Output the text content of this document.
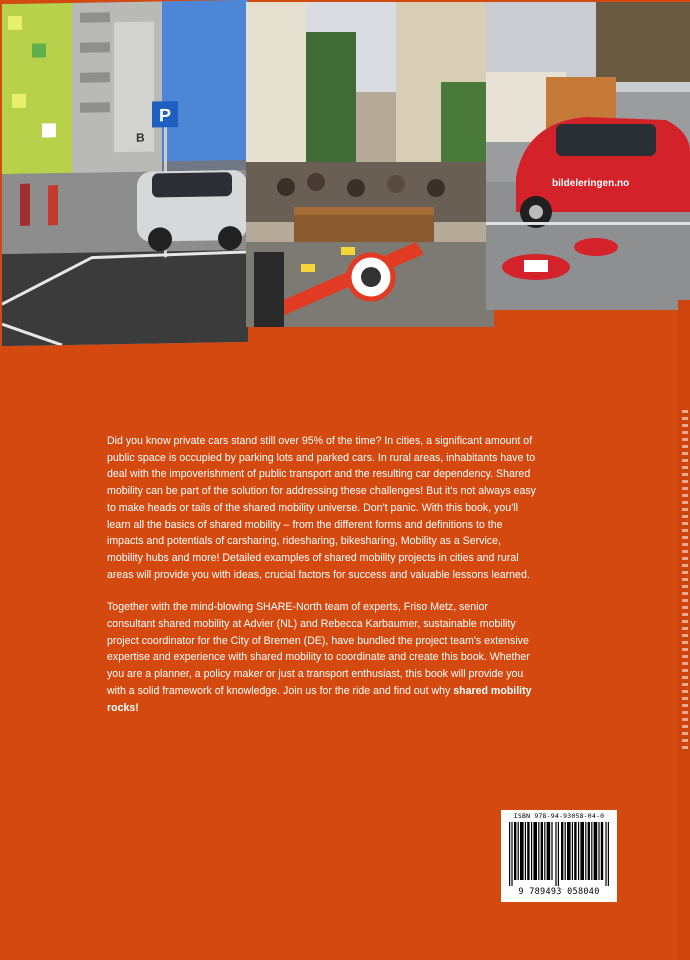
B
P
bildeleringen.no

Did you know private cars stand still over 95% of the time? In cities, a significant amount of public space is occupied by parking lots and parked cars. In rural areas, inhabitants have to deal with the impoverishment of public transport and the resulting car dependency. Shared mobility can be part of the solution for addressing these challenges! But it's not always easy to make heads or tails of the shared mobility universe. Don't panic. With this book, you'll learn all the basics of shared mobility – from the different forms and definitions to the impacts and potentials of carsharing, ridesharing, bikesharing, Mobility as a Service, mobility hubs and more! Detailed examples of shared mobility projects in cities and rural areas will provide you with ideas, crucial factors for success and valuable lessons learned.

Together with the mind-blowing SHARE-North team of experts, Friso Metz, senior consultant shared mobility at Advier (NL) and Rebecca Karbaumer, sustainable mobility project coordinator for the City of Bremen (DE), have bundled the project team's extensive expertise and experience with shared mobility to coordinate and create this book. Whether you are a planner, a policy maker or just a transport enthusiast, this book will provide you with a solid framework of knowledge. Join us for the ride and find out why shared mobility rocks!

ISBN 978-94-93058-04-0
9 789493 058040
